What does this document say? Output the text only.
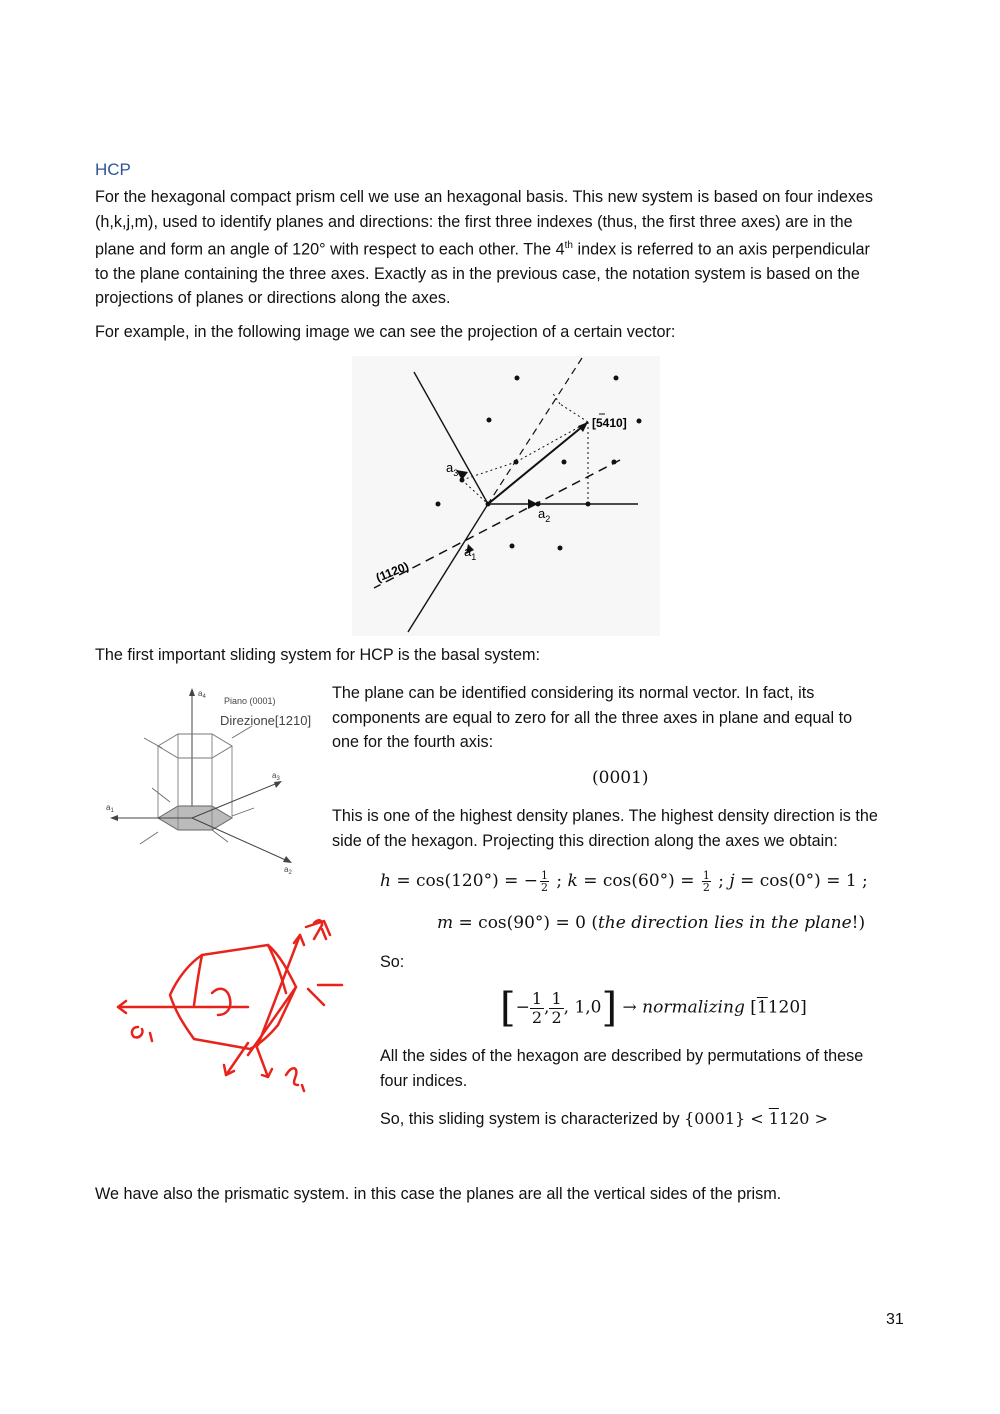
HCP
For the hexagonal compact prism cell we use an hexagonal basis. This new system is based on four indexes
(h,k,j,m), used to identify planes and directions: the first three indexes (thus, the first three axes) are in the
plane and form an angle of 120° with respect to each other. The 4th index is referred to an axis perpendicular
to the plane containing the three axes. Exactly as in the previous case, the notation system is based on the
projections of planes or directions along the axes.
For example, in the following image we can see the projection of a certain vector:
$a_3$
$a_2$
$a_1$
[5410]
(1120)
The first important sliding system for HCP is the basal system:
$a_4$ Piano (0001)
Direzione[1210]
$a_1$
$a_2$
$a_3$
The plane can be identified considering its normal vector. In fact, its
components are equal to zero for all the three axes in plane and equal to
one for the fourth axis:
(0001)
This is one of the highest density planes. The highest density direction is the
side of the hexagon. Projecting this direction along the axes we obtain:
h = cos(120°) = − $\frac{1}{2}$ ; $k = \cos(60^\circ) = \frac{1}{2}$ ; j = cos(0°) = 1 ;
m = cos(90°) = 0 (the direction lies in the plane!)
So:
[− $\frac{1}{2}$ , $\frac{1}{2}$ , 1,0] → normalizing [1120]
a1
All the sides of the hexagon are described by permutations of these
four indices.
So, this sliding system is characterized by {0001} < 1120 >
We have also the prismatic system. in this case the planes are all the vertical sides of the prism.
31
